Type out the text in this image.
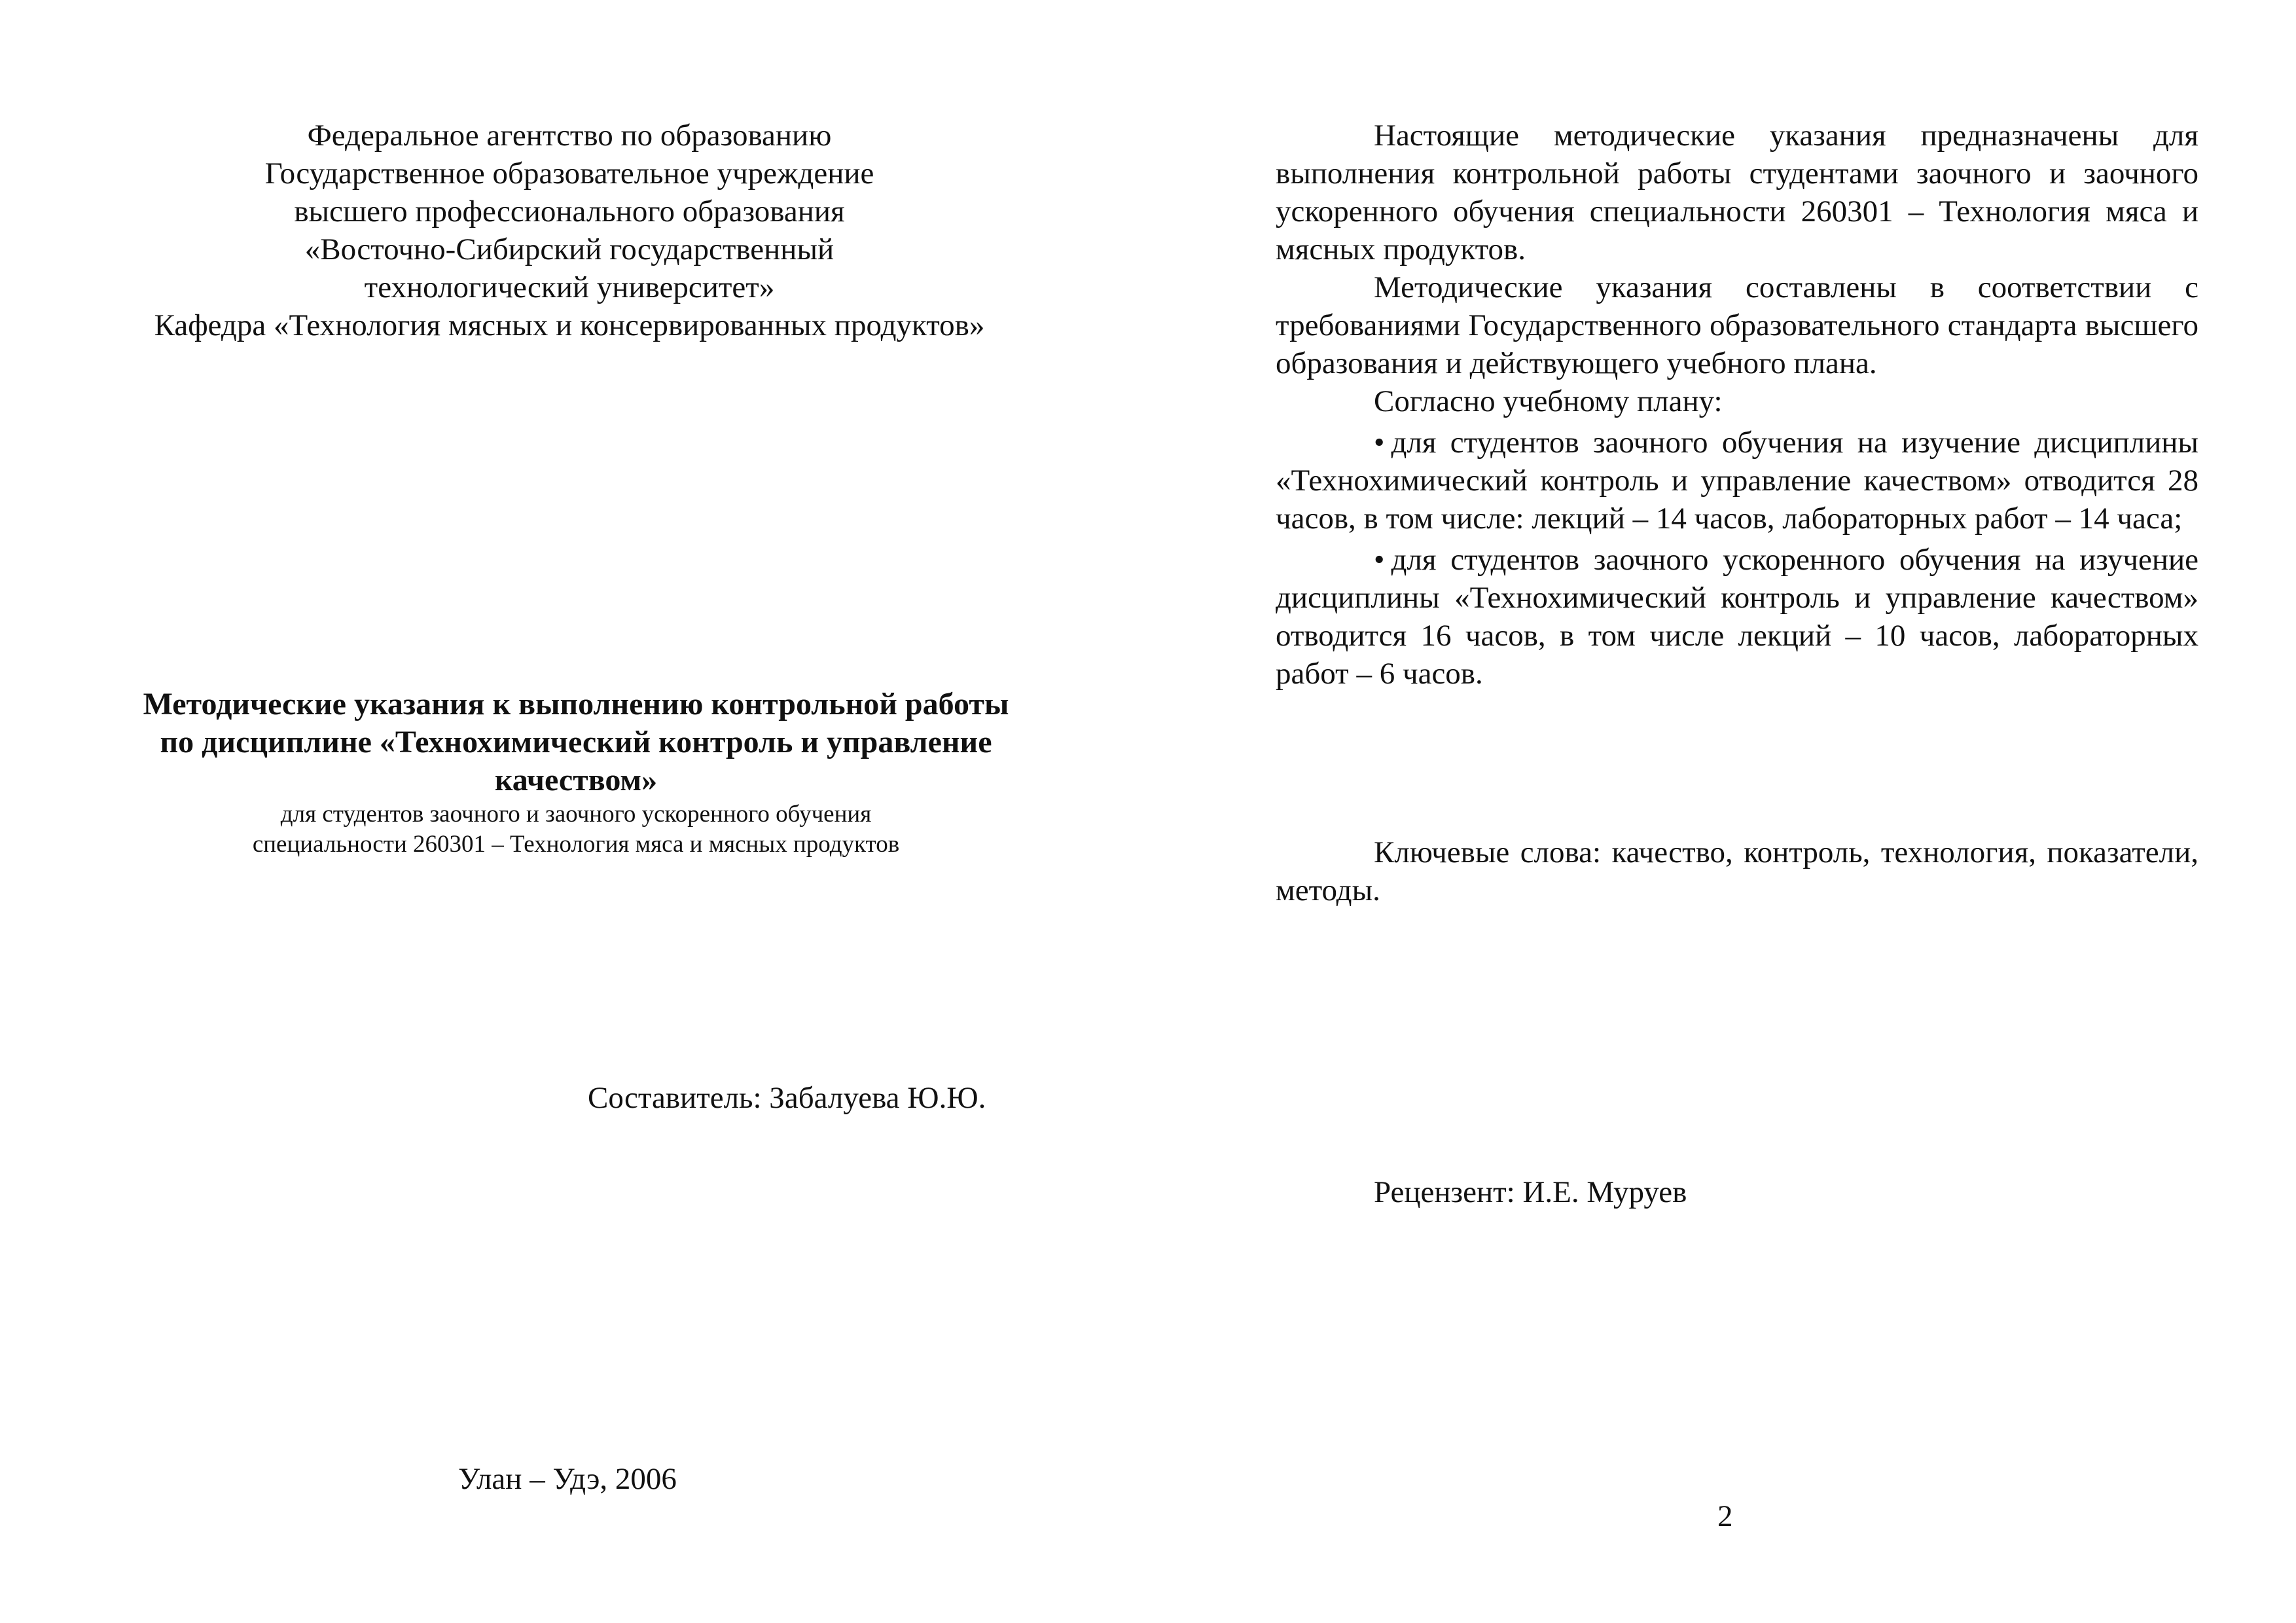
Федеральное агентство по образованию
Государственное образовательное учреждение
высшего профессионального образования
«Восточно-Сибирский государственный
технологический университет»
Кафедра «Технология мясных и консервированных продуктов»
Методические указания к выполнению контрольной работы
по дисциплине «Технохимический контроль и управление
качеством»
для студентов заочного и заочного ускоренного обучения
специальности 260301 – Технология мяса и мясных продуктов
Составитель: Забалуева Ю.Ю.
Улан – Удэ, 2006

Настоящие методические указания предназначены для выполнения контрольной работы студентами заочного и заочного ускоренного обучения специальности 260301 – Технология мяса и мясных продуктов.

Методические указания составлены в соответствии с требованиями Государственного образовательного стандарта высшего образования и действующего учебного плана.

Согласно учебному плану:

• для студентов заочного обучения на изучение дисциплины «Технохимический контроль и управление качеством» отводится 28 часов, в том числе: лекций – 14 часов, лабораторных работ – 14 часа;

• для студентов заочного ускоренного обучения на изучение дисциплины «Технохимический контроль и управление качеством» отводится 16 часов, в том числе лекций – 10 часов, лабораторных работ – 6 часов.

Ключевые слова: качество, контроль, технология, показатели, методы.
Рецензент: И.Е. Муруев
2
